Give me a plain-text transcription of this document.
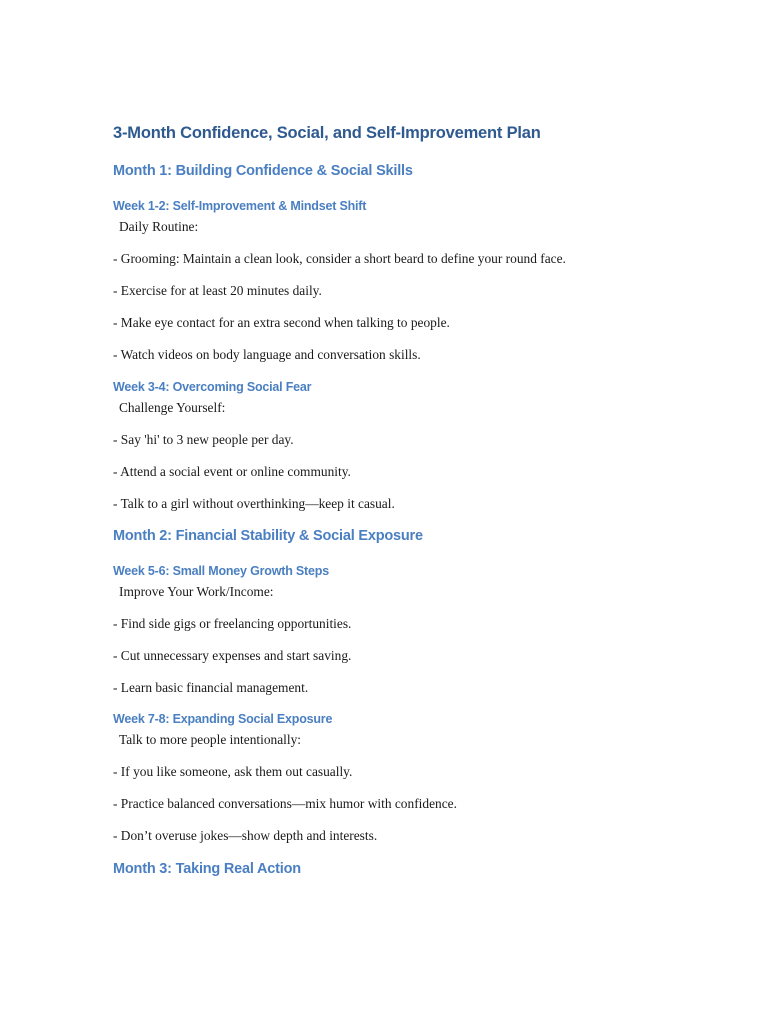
3-Month Confidence, Social, and Self-Improvement Plan
Month 1: Building Confidence & Social Skills
Week 1-2: Self-Improvement & Mindset Shift

Daily Routine:

- Grooming: Maintain a clean look, consider a short beard to define your round face.

- Exercise for at least 20 minutes daily.

- Make eye contact for an extra second when talking to people.

- Watch videos on body language and conversation skills.

Week 3-4: Overcoming Social Fear

Challenge Yourself:

- Say 'hi' to 3 new people per day.

- Attend a social event or online community.

- Talk to a girl without overthinking—keep it casual.

Month 2: Financial Stability & Social Exposure
Week 5-6: Small Money Growth Steps

Improve Your Work/Income:

- Find side gigs or freelancing opportunities.

- Cut unnecessary expenses and start saving.

- Learn basic financial management.

Week 7-8: Expanding Social Exposure

Talk to more people intentionally:

- If you like someone, ask them out casually.

- Practice balanced conversations—mix humor with confidence.

- Don’t overuse jokes—show depth and interests.

Month 3: Taking Real Action
